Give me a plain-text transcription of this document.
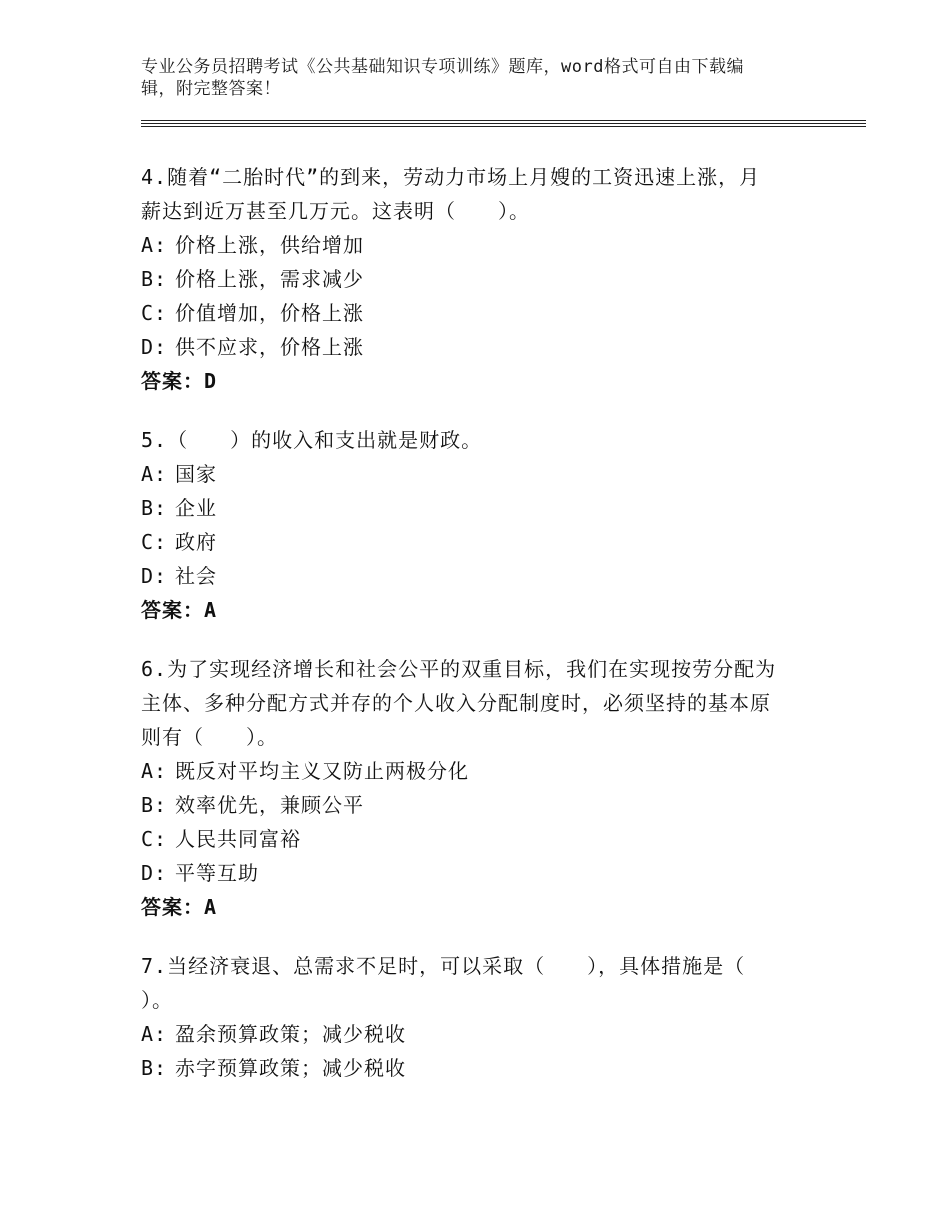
专业公务员招聘考试《公共基础知识专项训练》题库，word格式可自由下载编
辑，附完整答案！
4.随着“二胎时代”的到来，劳动力市场上月嫂的工资迅速上涨，月
薪达到近万甚至几万元。这表明（　　）。
A: 价格上涨，供给增加
B: 价格上涨，需求减少
C: 价值增加，价格上涨
D: 供不应求，价格上涨
答案：D
5.（　　）的收入和支出就是财政。
A: 国家
B: 企业
C: 政府
D: 社会
答案：A
6.为了实现经济增长和社会公平的双重目标，我们在实现按劳分配为
主体、多种分配方式并存的个人收入分配制度时，必须坚持的基本原
则有（　　）。
A: 既反对平均主义又防止两极分化
B: 效率优先，兼顾公平
C: 人民共同富裕
D: 平等互助
答案：A
7.当经济衰退、总需求不足时，可以采取（　　），具体措施是（
）。
A: 盈余预算政策；减少税收
B: 赤字预算政策；减少税收
